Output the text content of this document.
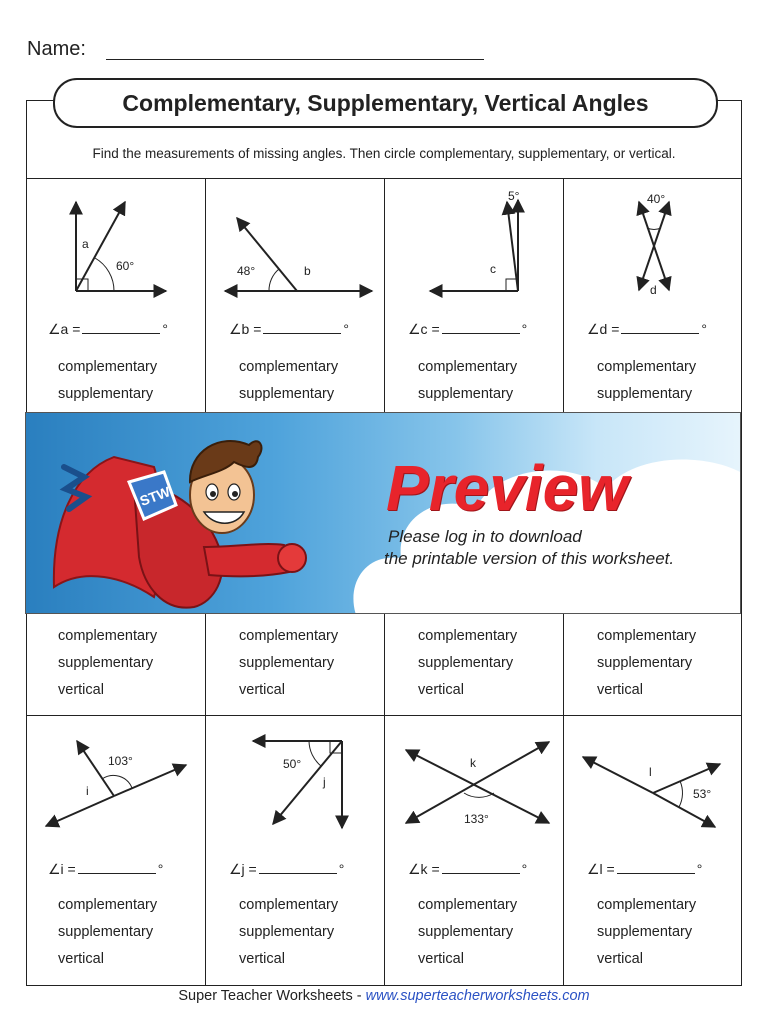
Name:
Complementary, Supplementary, Vertical Angles
Find the measurements of missing angles. Then circle complementary, supplementary, or vertical.
a
60°	48°	b
5°
c
40°
d
∠a =	°	∠b =	°	∠c =	°	∠d =	°
complementary
supplementary
complementary
supplementary
complementary
supplementary
complementary
supplementary
complementary
supplementary
vertical
complementary
supplementary
vertical
complementary
supplementary
vertical
complementary
supplementary
vertical
103°
i
50°
j
k
133°
l
53°
∠i =	°	∠j =	°	∠k =	°	∠l =	°
complementary
supplementary
vertical
complementary
supplementary
vertical
complementary
supplementary
vertical
complementary
supplementary
vertical
STW	Preview
Please log in to download
the printable version of this worksheet.
Super Teacher Worksheets - www.superteacherworksheets.com
